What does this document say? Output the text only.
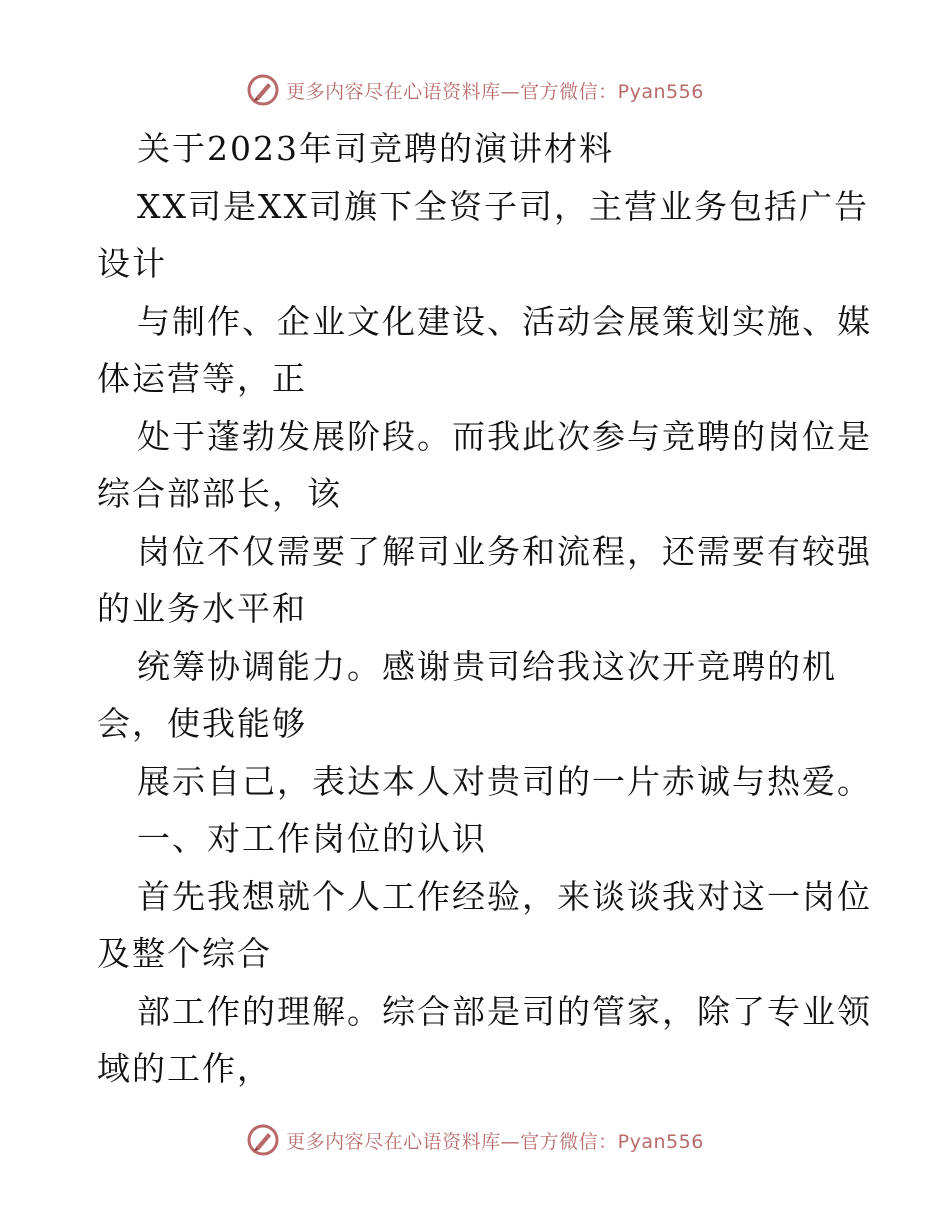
更多内容尽在心语资料库—官方微信：Pyan556
关于2023年司竞聘的演讲材料
XX司是XX司旗下全资子司，主营业务包括广告
设计
与制作、企业文化建设、活动会展策划实施、媒
体运营等，正
处于蓬勃发展阶段。而我此次参与竞聘的岗位是
综合部部长，该
岗位不仅需要了解司业务和流程，还需要有较强
的业务水平和
统筹协调能力。感谢贵司给我这次开竞聘的机
会，使我能够
展示自己，表达本人对贵司的一片赤诚与热爱。
一、对工作岗位的认识
首先我想就个人工作经验，来谈谈我对这一岗位
及整个综合
部工作的理解。综合部是司的管家，除了专业领
域的工作，
更多内容尽在心语资料库—官方微信：Pyan556
